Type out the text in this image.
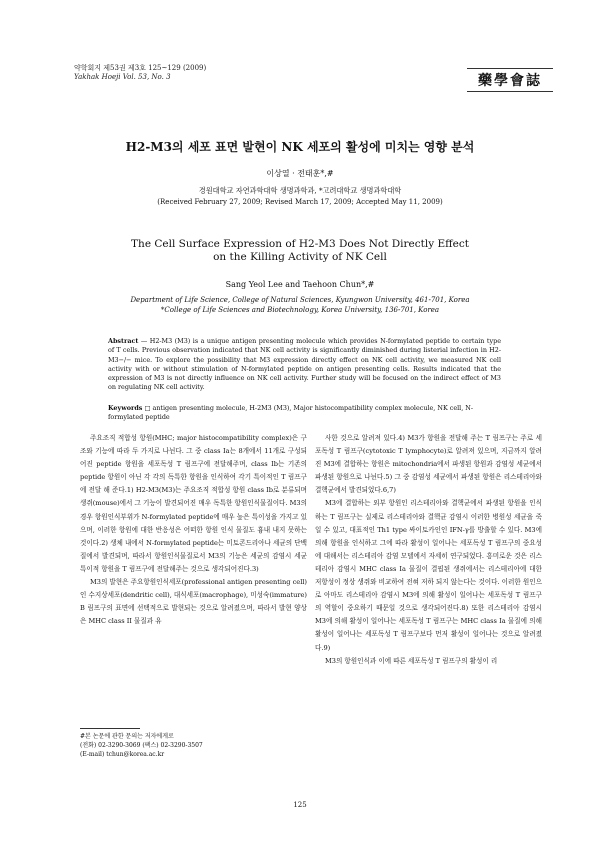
약학회지 제53권 제3호 125~129 (2009)
Yakhak Hoeji Vol. 53, No. 3	藥學會誌
H2-M3의 세포 표면 발현이 NK 세포의 활성에 미치는 영향 분석
이상열 · 전태훈*,#
경원대학교 자연과학대학 생명과학과, *고려대학교 생명과학대학
(Received February 27, 2009; Revised March 17, 2009; Accepted May 11, 2009)
The Cell Surface Expression of H2-M3 Does Not Directly Effect
on the Killing Activity of NK Cell
Sang Yeol Lee and Taehoon Chun*,#
Department of Life Science, College of Natural Sciences, Kyungwon University, 461-701, Korea
*College of Life Sciences and Biotechnology, Korea University, 136-701, Korea
Abstract — H2-M3 (M3) is a unique antigen presenting molecule which provides N-formylated peptide to certain type of T cells. Previous observation indicated that NK cell activity is significantly diminished during listerial infection in H2-M3−/− mice. To explore the possibility that M3 expression directly effect on NK cell activity, we measured NK cell activity with or without stimulation of N-formylated peptide on antigen presenting cells. Results indicated that the expression of M3 is not directly influence on NK cell activity. Further study will be focused on the indirect effect of M3 on regulating NK cell activity.
Keywords □ antigen presenting molecule, H-2M3 (M3), Major histocompatibility complex molecule, NK cell, N-formylated peptide

주요조직 적합성 항원(MHC; major histocompatibility complex)은 구조와 기능에 따라 두 가지로 나뉜다. 그 중 class Ia는 8개에서 11개로 구성되어진 peptide 항원을 세포독성 T 림프구에 전달해주며, class Ib는 기존의 peptide 항원이 아닌 각 각의 독특한 항원을 인식하여 각기 특이적인 T 림프구에 전달 해 준다.1) H2-M3(M3)는 주요조직 적합성 항원 class Ib로 분류되며 생쥐(mouse)에서 그 기능이 발견되어진 매우 독특한 항원인식물질이다. M3의 경우 항원인식부위가 N-formylated peptide에 매우 높은 특이성을 가지고 있으며, 이러한 항원에 대한 반응성은 어떠한 항원 인식 물질도 흉내 내지 못하는 것이다.2) 생체 내에서 N-formylated peptide는 미토콘드리아나 세균의 단백질에서 발견되며, 따라서 항원인식물질로서 M3의 기능은 세균의 감염시 세균 특이적 항원을 T 림프구에 전달해주는 것으로 생각되어진다.3)

M3의 발현은 주요항원인식세포(professional antigen presenting cell)인 수지상세포(dendritic cell), 대식세포(macrophage), 미성숙(immature) B 림프구의 표면에 선택적으로 발현되는 것으로 알려졌으며, 따라서 발현 양상은 MHC class II 물질과 유

사한 것으로 알려져 있다.4) M3가 항원을 전달해 주는 T 림프구는 주로 세포독성 T 림프구(cytotoxic T lymphocyte)로 알려져 있으며, 지금까지 알려진 M3에 결합하는 항원은 mitochondria에서 파생된 항원과 감염성 세균에서 파생된 항원으로 나뉜다.5) 그 중 감염성 세균에서 파생된 항원은 리스테리아와 결핵균에서 발견되었다.6,7)

M3에 결합하는 외부 항원인 리스테리아와 결핵균에서 파생된 항원을 인식하는 T 림프구는 실제로 리스테리아와 결핵균 감염시 이러한 병원성 세균을 죽일 수 있고, 대표적인 Th1 type 싸이토카인인 IFN-γ를 방출할 수 있다. M3에 의해 항원을 인식하고 그에 따라 활성이 일어나는 세포독성 T 림프구의 중요성에 대해서는 리스테리아 감염 모델에서 자세히 연구되었다. 흥미로운 것은 리스테리아 감염시 MHC class Ia 물질이 결핍된 생쥐에서는 리스테리아에 대한 저항성이 정상 생쥐와 비교하여 전혀 저하 되지 않는다는 것이다. 이러한 원인으로 아마도 리스테리아 감염시 M3에 의해 활성이 일어나는 세포독성 T 림프구의 역할이 중요하기 때문일 것으로 생각되어진다.8) 또한 리스테리아 감염시 M3에 의해 활성이 일어나는 세포독성 T 림프구는 MHC class Ia 물질에 의해 활성이 일어나는 세포독성 T 림프구보다 먼저 활성이 일어나는 것으로 알려졌다.9)

M3의 항원인식과 이에 따른 세포독성 T 림프구의 활성이 리

#본 논문에 관한 문의는 저자에게로
(전화) 02-3290-3069 (팩스) 02-3290-3507
(E-mail) tchun@korea.ac.kr
125
